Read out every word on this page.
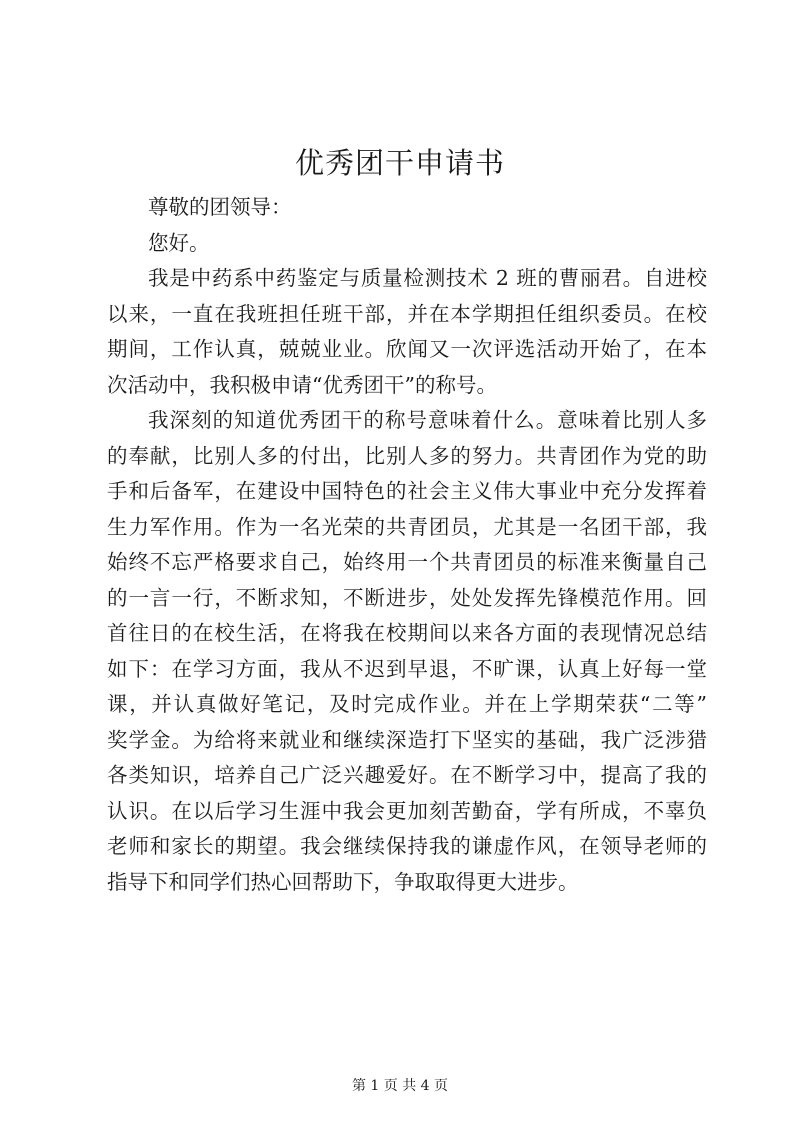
优秀团干申请书
尊敬的团领导：
您好。
我是中药系中药鉴定与质量检测技术 2 班的曹丽君。自进校
以来，一直在我班担任班干部，并在本学期担任组织委员。在校
期间，工作认真，兢兢业业。欣闻又一次评选活动开始了，在本
次活动中，我积极申请“优秀团干”的称号。
我深刻的知道优秀团干的称号意味着什么。意味着比别人多
的奉献，比别人多的付出，比别人多的努力。共青团作为党的助
手和后备军，在建设中国特色的社会主义伟大事业中充分发挥着
生力军作用。作为一名光荣的共青团员，尤其是一名团干部，我
始终不忘严格要求自己，始终用一个共青团员的标准来衡量自己
的一言一行，不断求知，不断进步，处处发挥先锋模范作用。回
首往日的在校生活，在将我在校期间以来各方面的表现情况总结
如下：在学习方面，我从不迟到早退，不旷课，认真上好每一堂
课，并认真做好笔记，及时完成作业。并在上学期荣获“二等”
奖学金。为给将来就业和继续深造打下坚实的基础，我广泛涉猎
各类知识，培养自己广泛兴趣爱好。在不断学习中，提高了我的
认识。在以后学习生涯中我会更加刻苦勤奋，学有所成，不辜负
老师和家长的期望。我会继续保持我的谦虚作风，在领导老师的
指导下和同学们热心回帮助下，争取取得更大进步。
第 1 页 共 4 页
